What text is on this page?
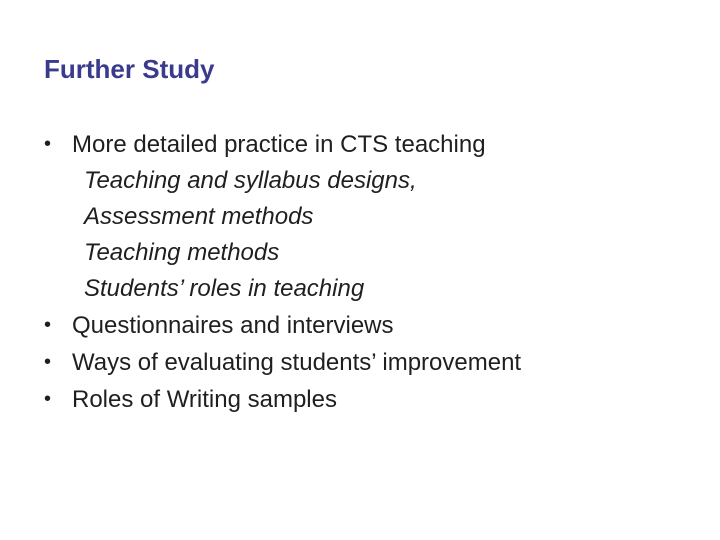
Further Study
• More detailed practice in CTS teaching
Teaching and syllabus designs,
Assessment methods
Teaching methods
Students’ roles in teaching
• Questionnaires and interviews
• Ways of evaluating students’ improvement
• Roles of Writing samples
